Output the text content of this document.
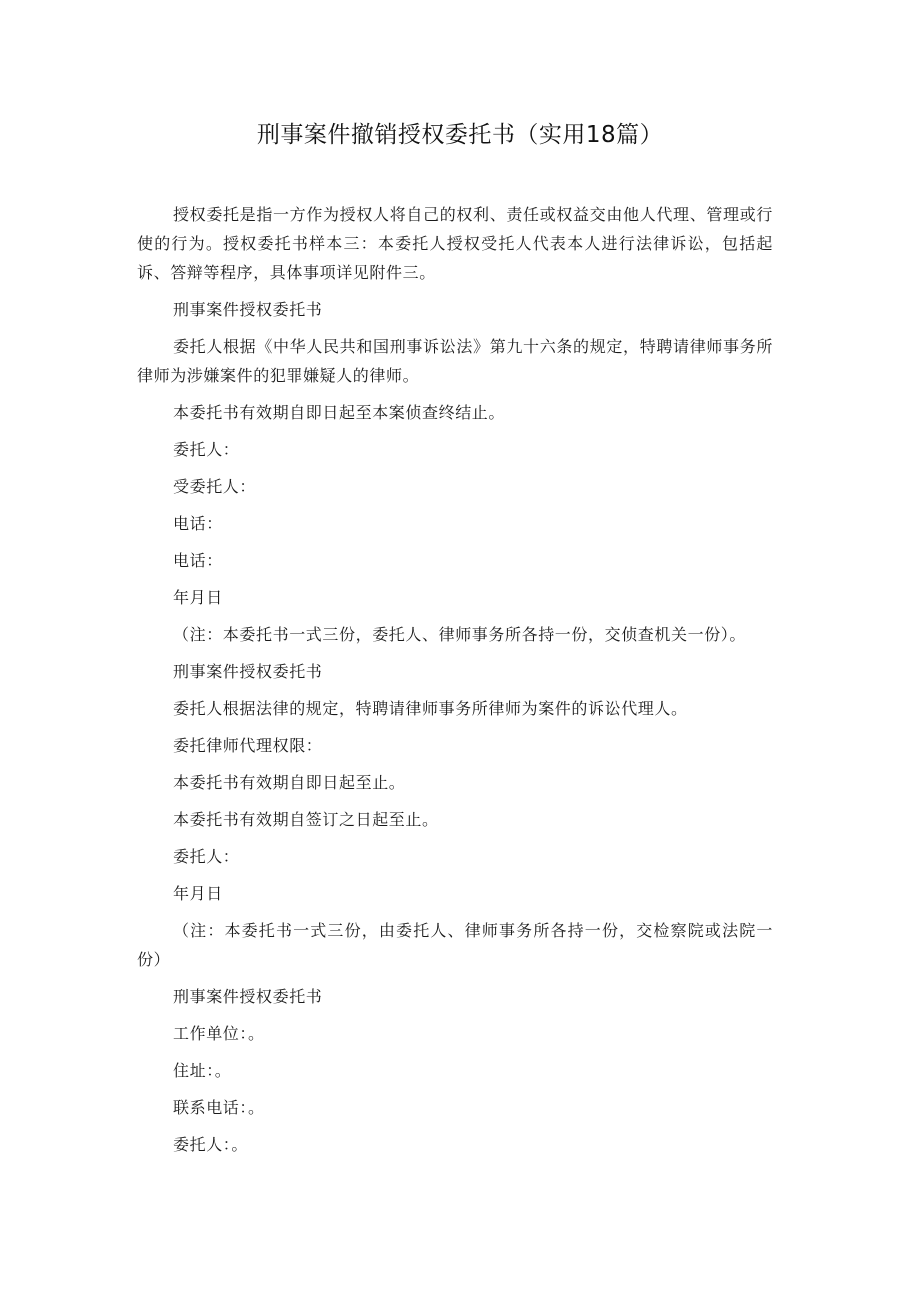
刑事案件撤销授权委托书（实用18篇）

授权委托是指一方作为授权人将自己的权利、责任或权益交由他人代理、管理或行使的行为。授权委托书样本三：本委托人授权受托人代表本人进行法律诉讼，包括起诉、答辩等程序，具体事项详见附件三。

刑事案件授权委托书

委托人根据《中华人民共和国刑事诉讼法》第九十六条的规定，特聘请律师事务所律师为涉嫌案件的犯罪嫌疑人的律师。

本委托书有效期自即日起至本案侦查终结止。

委托人：

受委托人：

电话：

电话：

年月日

（注：本委托书一式三份，委托人、律师事务所各持一份，交侦查机关一份）。

刑事案件授权委托书

委托人根据法律的规定，特聘请律师事务所律师为案件的诉讼代理人。

委托律师代理权限：

本委托书有效期自即日起至止。

本委托书有效期自签订之日起至止。

委托人：

年月日

（注：本委托书一式三份，由委托人、律师事务所各持一份，交检察院或法院一份）

刑事案件授权委托书

工作单位：。

住址：。

联系电话：。

委托人：。
